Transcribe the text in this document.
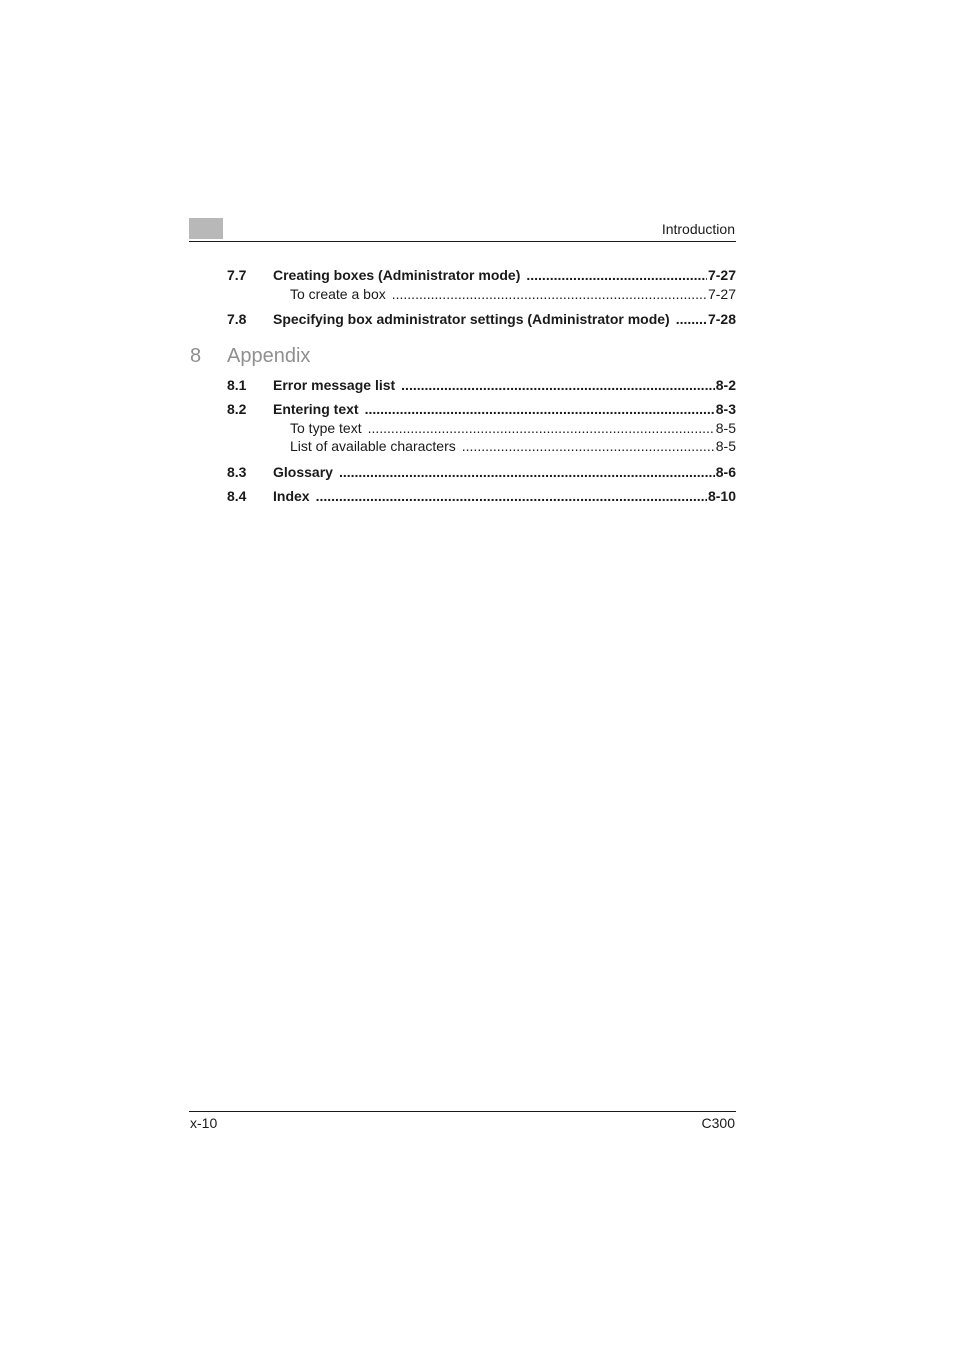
Introduction
7.7	Creating boxes (Administrator mode) .....	7-27
To create a box .....	7-27
7.8	Specifying box administrator settings (Administrator mode) .....	7-28
8 Appendix
8.1	Error message list .....	8-2
8.2	Entering text .....	8-3
To type text .....	8-5
List of available characters .....	8-5
8.3	Glossary .....	8-6
8.4	Index .....	8-10
x-10	C300
